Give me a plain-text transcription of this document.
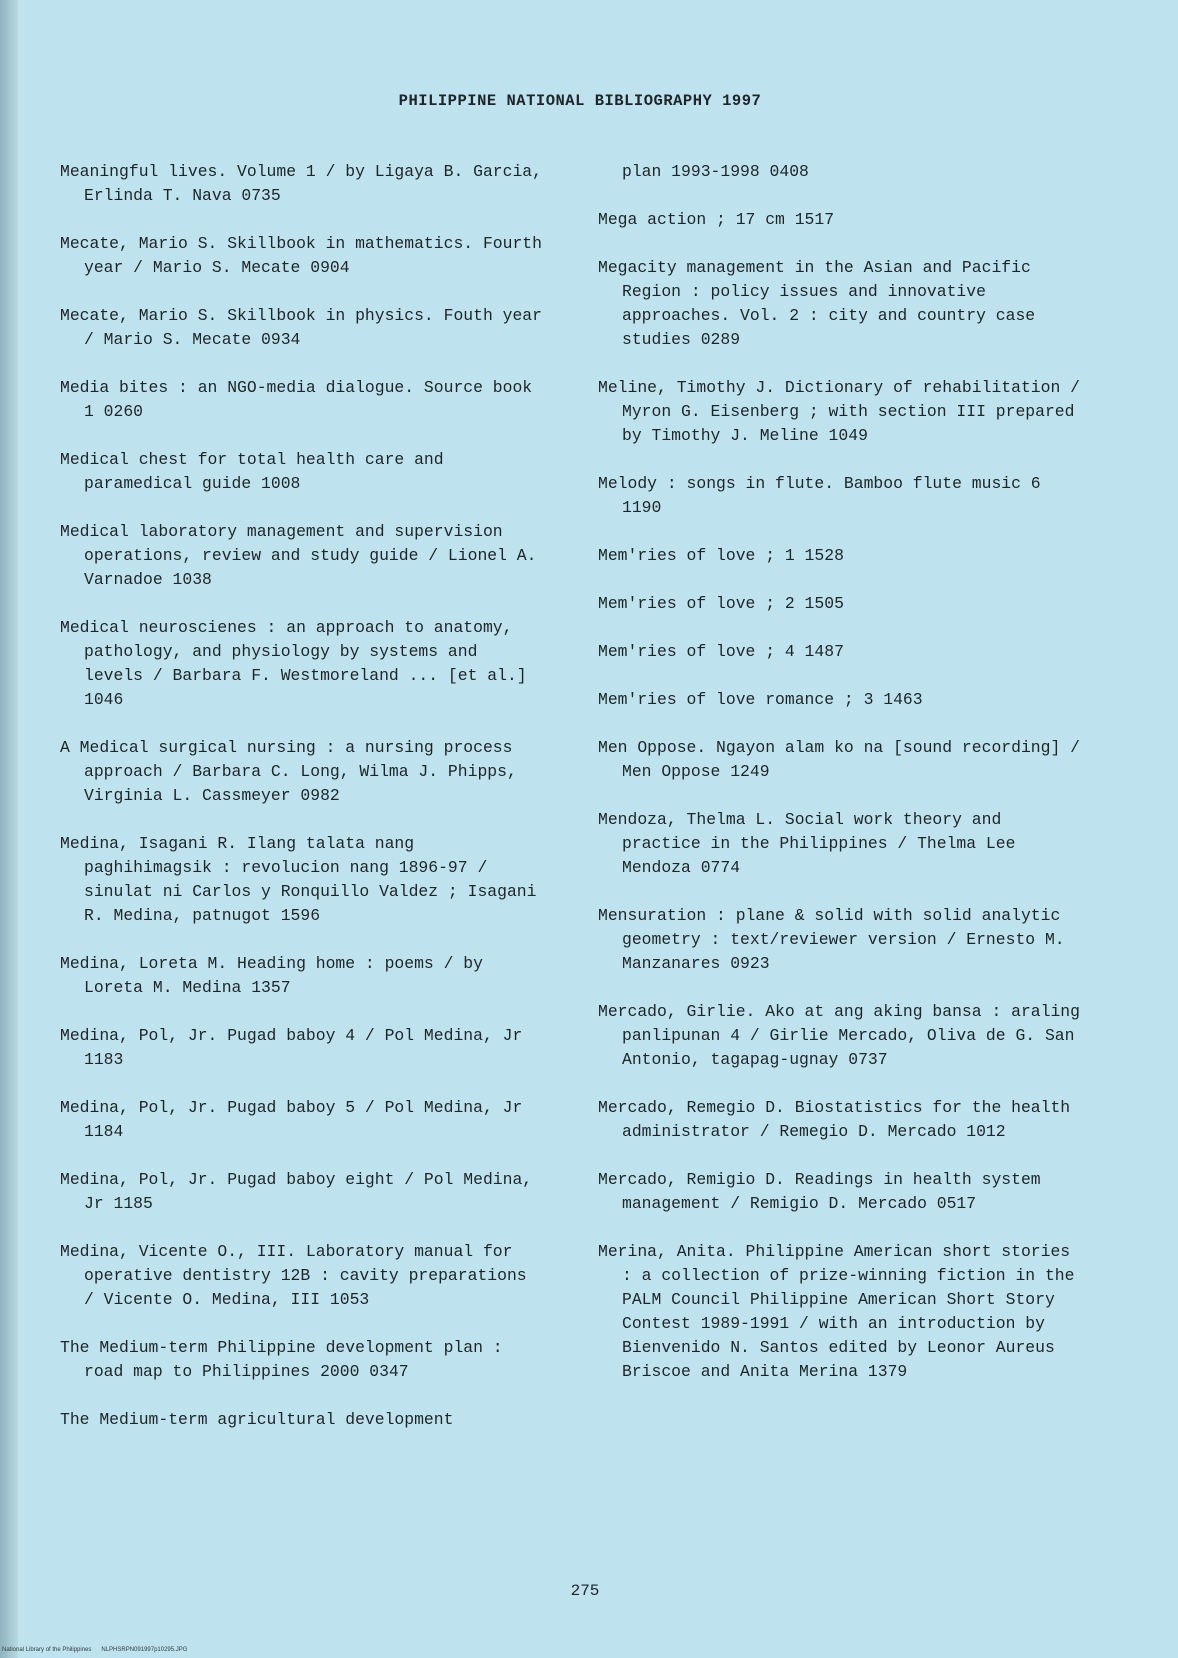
PHILIPPINE NATIONAL BIBLIOGRAPHY 1997

Meaningful lives. Volume 1 / by Ligaya B. Garcia, Erlinda T. Nava 0735

Mecate, Mario S. Skillbook in mathematics. Fourth year / Mario S. Mecate 0904

Mecate, Mario S. Skillbook in physics. Fouth year / Mario S. Mecate 0934

Media bites : an NGO-media dialogue. Source book 1 0260

Medical chest for total health care and paramedical guide 1008

Medical laboratory management and supervision operations, review and study guide / Lionel A. Varnadoe 1038

Medical neuroscienes : an approach to anatomy, pathology, and physiology by systems and levels / Barbara F. Westmoreland ... [et al.] 1046

A Medical surgical nursing : a nursing process approach / Barbara C. Long, Wilma J. Phipps, Virginia L. Cassmeyer 0982

Medina, Isagani R. Ilang talata nang paghihimagsik : revolucion nang 1896-97 / sinulat ni Carlos y Ronquillo Valdez ; Isagani R. Medina, patnugot 1596

Medina, Loreta M. Heading home : poems / by Loreta M. Medina 1357

Medina, Pol, Jr. Pugad baboy 4 / Pol Medina, Jr 1183

Medina, Pol, Jr. Pugad baboy 5 / Pol Medina, Jr 1184

Medina, Pol, Jr. Pugad baboy eight / Pol Medina, Jr 1185

Medina, Vicente O., III. Laboratory manual for operative dentistry 12B : cavity preparations / Vicente O. Medina, III 1053

The Medium-term Philippine development plan : road map to Philippines 2000 0347

The Medium-term agricultural development

plan 1993-1998 0408

Mega action ; 17 cm 1517

Megacity management in the Asian and Pacific Region : policy issues and innovative approaches. Vol. 2 : city and country case studies 0289

Meline, Timothy J. Dictionary of rehabilitation / Myron G. Eisenberg ; with section III prepared by Timothy J. Meline 1049

Melody : songs in flute. Bamboo flute music 6 1190

Mem'ries of love ; 1 1528

Mem'ries of love ; 2 1505

Mem'ries of love ; 4 1487

Mem'ries of love romance ; 3 1463

Men Oppose. Ngayon alam ko na [sound recording] / Men Oppose 1249

Mendoza, Thelma L. Social work theory and practice in the Philippines / Thelma Lee Mendoza 0774

Mensuration : plane & solid with solid analytic geometry : text/reviewer version / Ernesto M. Manzanares 0923

Mercado, Girlie. Ako at ang aking bansa : araling panlipunan 4 / Girlie Mercado, Oliva de G. San Antonio, tagapag-ugnay 0737

Mercado, Remegio D. Biostatistics for the health administrator / Remegio D. Mercado 1012

Mercado, Remigio D. Readings in health system management / Remigio D. Mercado 0517

Merina, Anita. Philippine American short stories : a collection of prize-winning fiction in the PALM Council Philippine American Short Story Contest 1989-1991 / with an introduction by Bienvenido N. Santos edited by Leonor Aureus Briscoe and Anita Merina 1379

275
National Library of the Philippines      NLPHSRPN091997p10295.JPG
